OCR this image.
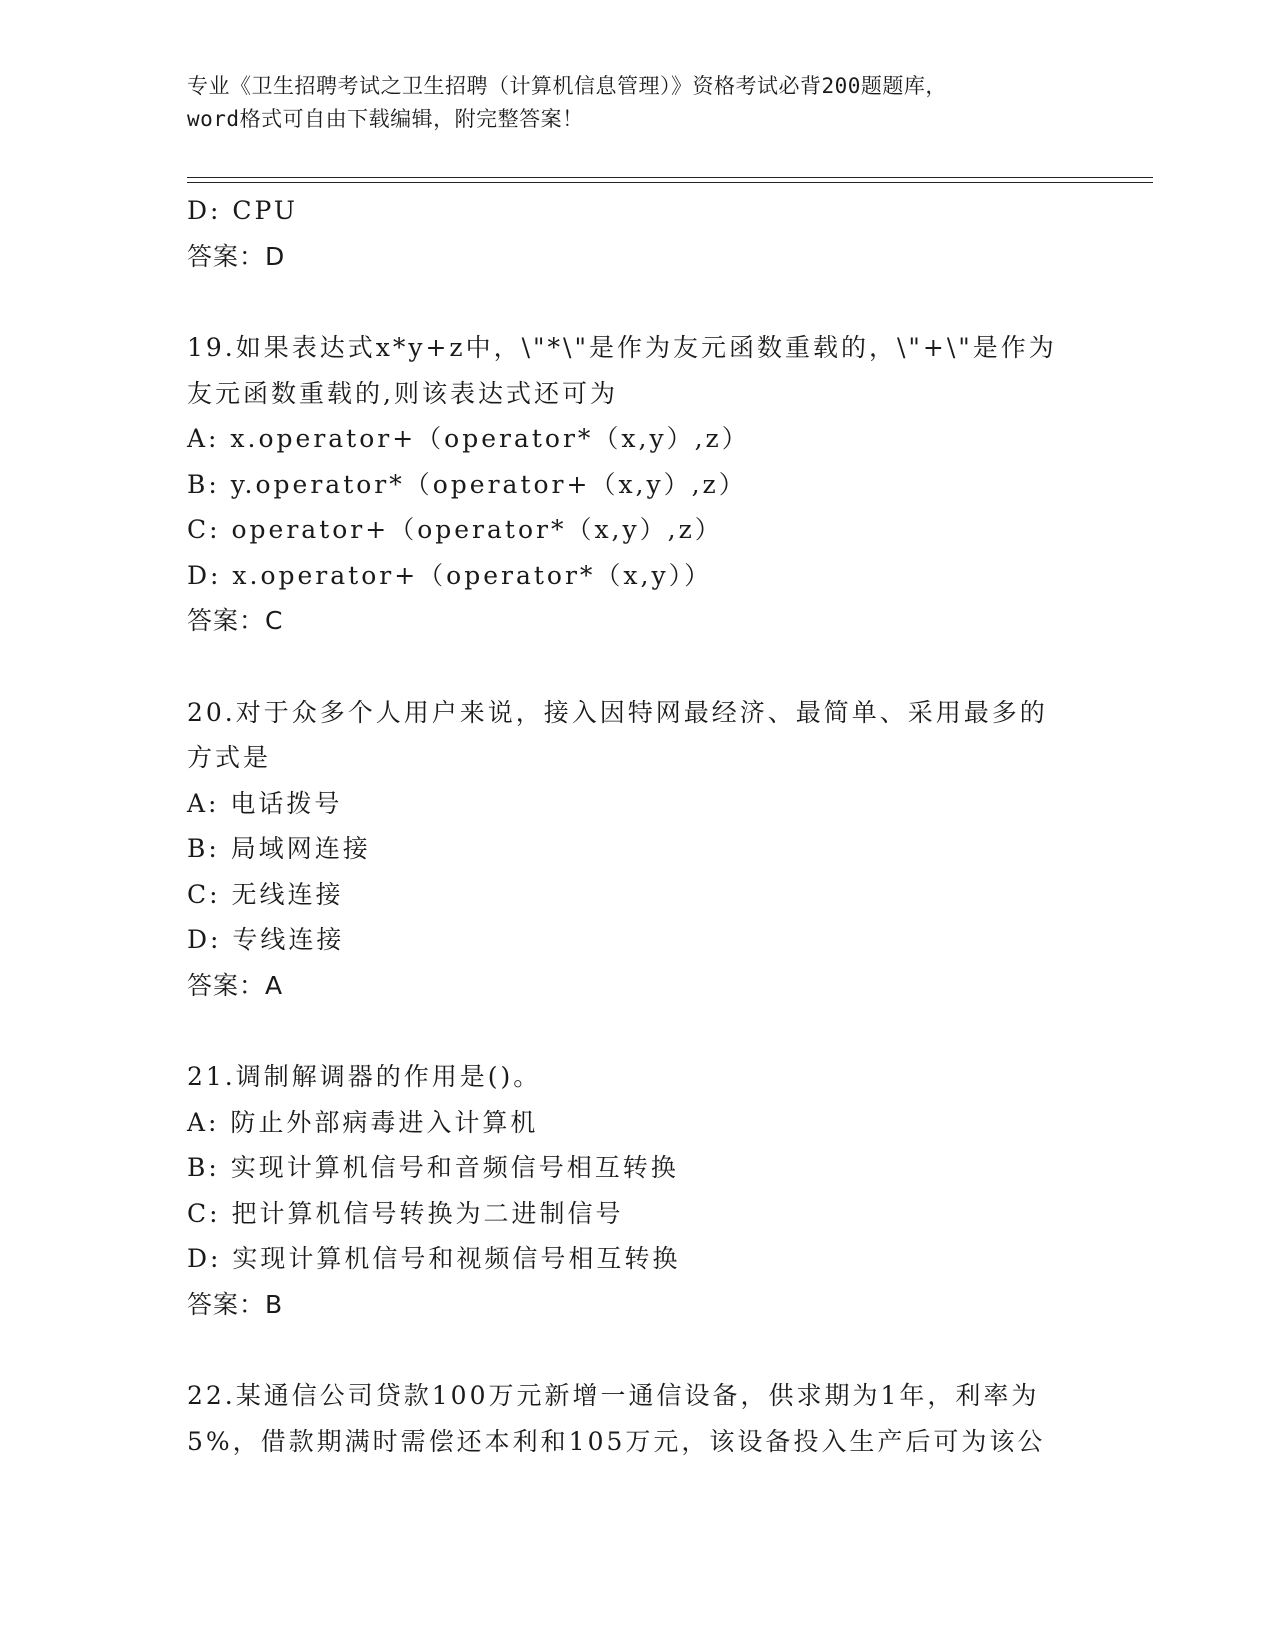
专业《卫生招聘考试之卫生招聘（计算机信息管理）》资格考试必背200题题库，
word格式可自由下载编辑，附完整答案！
D: CPU
答案：D
19.如果表达式x*y+z中，\"*\"是作为友元函数重载的，\"+\"是作为
友元函数重载的,则该表达式还可为
A: x.operator+（operator*（x,y）,z）
B: y.operator*（operator+（x,y）,z）
C: operator+（operator*（x,y）,z）
D: x.operator+（operator*（x,y））
答案：C
20.对于众多个人用户来说，接入因特网最经济、最简单、采用最多的
方式是
A: 电话拨号
B: 局域网连接
C: 无线连接
D: 专线连接
答案：A
21.调制解调器的作用是()。
A: 防止外部病毒进入计算机
B: 实现计算机信号和音频信号相互转换
C: 把计算机信号转换为二进制信号
D: 实现计算机信号和视频信号相互转换
答案：B
22.某通信公司贷款100万元新增一通信设备，供求期为1年，利率为
5%，借款期满时需偿还本利和105万元，该设备投入生产后可为该公
